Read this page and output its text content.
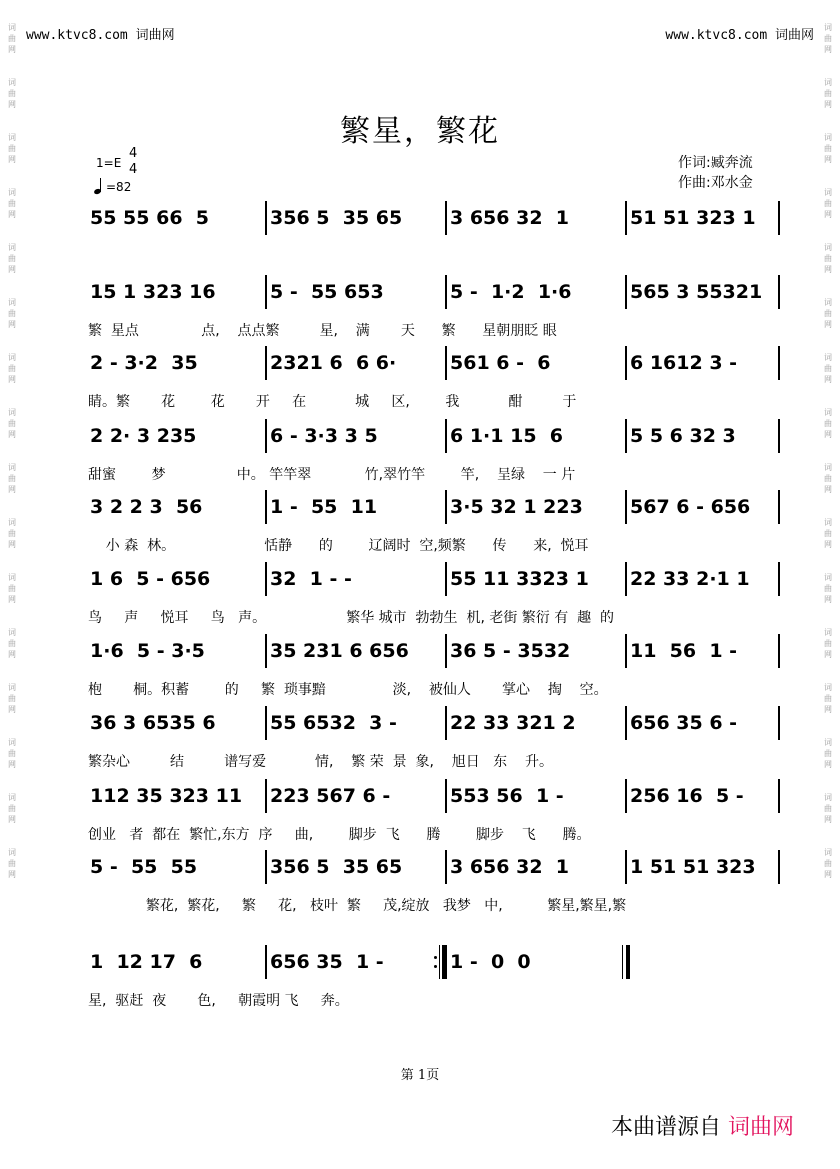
词
曲
网
词
曲
网
词
曲
网
词
曲
网
词
曲
网
词
曲
网
词
曲
网
词
曲
网
词
曲
网
词
曲
网
词
曲
网
词
曲
网
词
曲
网
词
曲
网
词
曲
网
词
曲
网
词
曲
网
词
曲
网
词
曲
网
词
曲
网
词
曲
网
词
曲
网
词
曲
网
词
曲
网
词
曲
网
词
曲
网
词
曲
网
词
曲
网
词
曲
网
词
曲
网
词
曲
网
词
曲
网
www.ktvc8.com 词曲网	www.ktvc8.com 词曲网
繁星，繁花
1=E
4
4
=82
作词:臧奔流
作曲:邓水金
55 55 66  5	356 5  35 65	3 656 32  1	51 51 323 1
15 1 323 16	5 -  55 653	5 -  1·2  1·6	565 3 55321
繁  星点              点,    点点繁         星,    满       天      繁      星朝朋眨 眼
2 - 3·2  35	2321 6  6 6·	561 6 -  6	6 1612 3 -
睛。繁       花        花       开     在           城     区,        我           酣         于
2 2· 3 235	6 - 3·3 3 5	6 1·1 15  6	5 5 6 32 3
甜蜜        梦                中。 竿竿翠            竹,翠竹竿        竿,    呈绿    一 片
3 2 2 3  56	1 -  55  11	3·5 32 1 223 567 6 - 656
小 森  林。                    恬静      的        辽阔时  空,频繁      传      来,  悦耳
1 6  5 - 656	32  1 - -	55 11 3323 1 22 33 2·1 1
鸟     声     悦耳     鸟   声。                  繁华 城市  勃勃生  机, 老街 繁衍 有  趣  的
1·6  5 - 3·5	35 231 6 656 36 5 - 3532	11  56  1 -
枹       桐。积蓄        的     繁  琐事黯               淡,    被仙人       掌心    掏    空。
36 3 6535 6	55 6532  3 -	22 33 321 2	656 35 6 -
繁杂心         结         谱写爱           情,    繁 荣  景  象,    旭日   东    升。
112 35 323 11 223 567 6 -	553 56  1 -	256 16  5 -
创业   者  都在  繁忙,东方  序     曲,        脚步  飞      腾        脚步    飞      腾。
5 -  55  55	356 5  35 65	3 656 32  1	1 51 51 323
繁花,  繁花,     繁     花,   枝叶  繁     茂,绽放   我梦   中,          繁星,繁星,繁
1  12 17  6	656 35  1 -	1 -  0  0
星,  驱赶  夜       色,     朝霞明 飞     奔。
第 1页
本曲谱源自 词曲网
